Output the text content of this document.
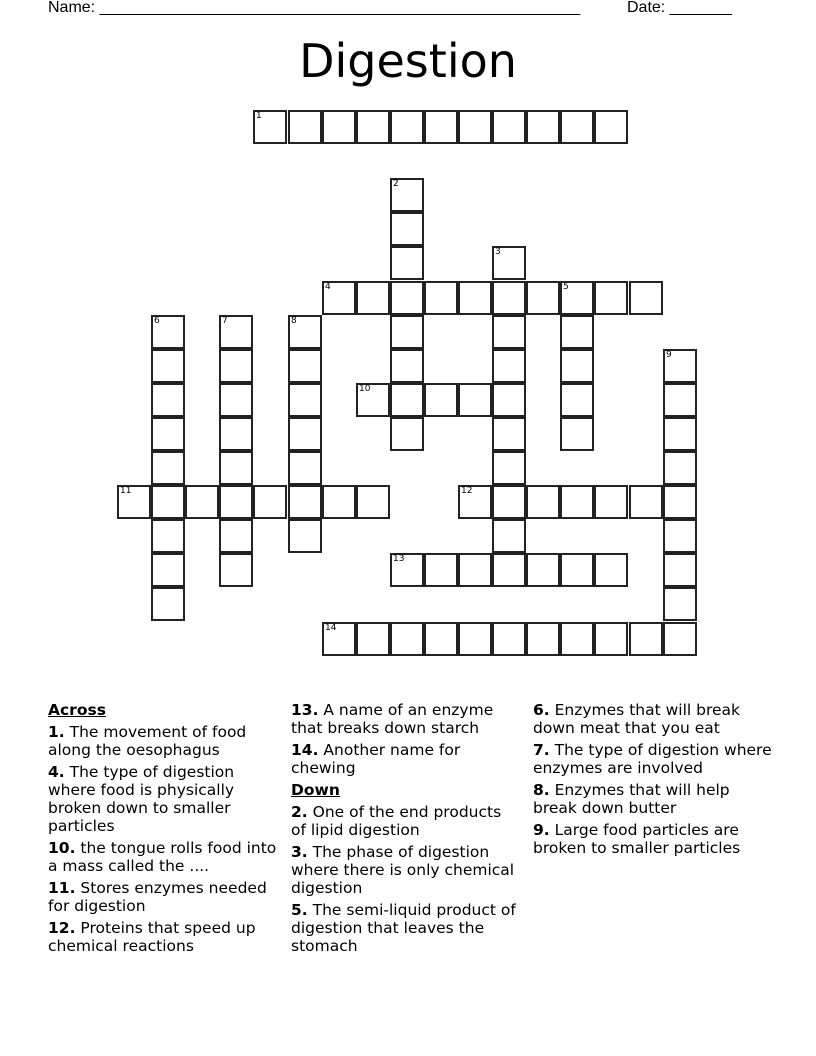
Name: ______________________________________________________	Date: _______
Digestion
1
2
3
4	5
6	7	8
9
10
11	12
13
14
Across
1. The movement of food along the oesophagus
4. The type of digestion where food is physically broken down to smaller particles
10. the tongue rolls food into a mass called the ....
11. Stores enzymes needed for digestion
12. Proteins that speed up chemical reactions
13. A name of an enzyme that breaks down starch
14. Another name for chewing
Down
2. One of the end products of lipid digestion
3. The phase of digestion where there is only chemical digestion
5. The semi-liquid product of digestion that leaves the stomach
6. Enzymes that will break down meat that you eat
7. The type of digestion where enzymes are involved
8. Enzymes that will help break down butter
9. Large food particles are broken to smaller particles
